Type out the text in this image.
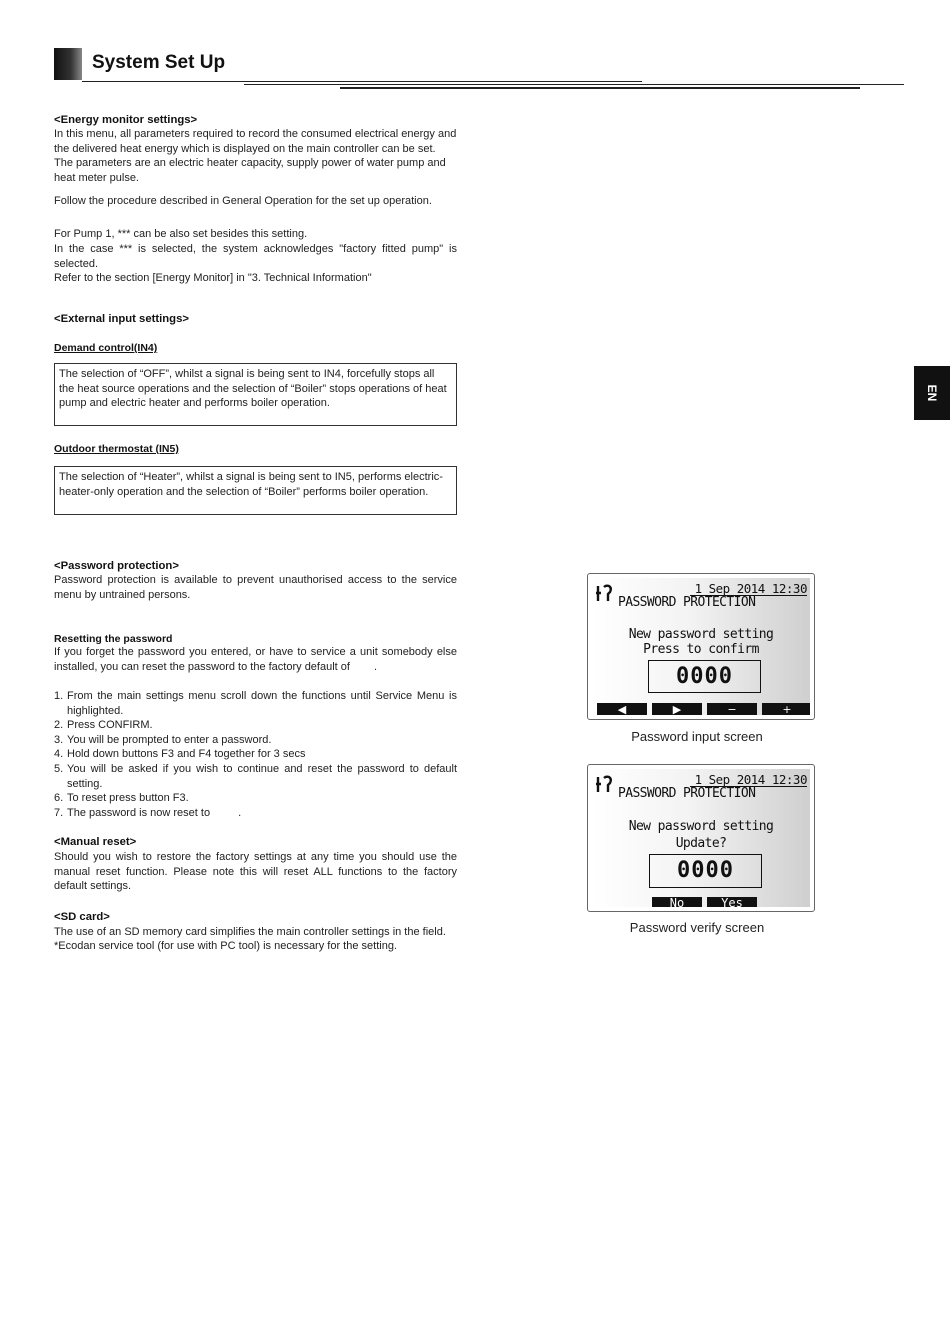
System Set Up
EN
<Energy monitor settings>

In this menu, all parameters required to record the consumed electrical energy and the delivered heat energy which is displayed on the main controller can be set. The parameters are an electric heater capacity, supply power of water pump and heat meter pulse.

Follow the procedure described in General Operation for the set up operation.
For Pump 1, *** can be also set besides this setting.
In the case *** is selected, the system acknowledges "factory fitted pump" is selected.
Refer to the section [Energy Monitor] in "3. Technical Information"
<External input settings>
Demand control(IN4)
The selection of “OFF”, whilst a signal is being sent to IN4, forcefully stops all the heat source operations and the selection of “Boiler” stops operations of heat pump and electric heater and performs boiler operation.
Outdoor thermostat (IN5)
The selection of “Heater”, whilst a signal is being sent to IN5, performs electric-heater-only operation and the selection of “Boiler” performs boiler operation.
<Password protection>
Password protection is available to prevent unauthorised access to the service menu by untrained persons.
Resetting the password
If you forget the password you entered, or have to service a unit somebody else installed, you can reset the password to the factory default of .
1. From the main settings menu scroll down the functions until Service Menu is highlighted.
2. Press CONFIRM.
3. You will be prompted to enter a password.
4. Hold down buttons F3 and F4 together for 3 secs
5. You will be asked if you wish to continue and reset the password to default setting.
6. To reset press button F3.
7. The password is now reset to	.
<Manual reset>
Should you wish to restore the factory settings at any time you should use the manual reset function. Please note this will reset ALL functions to the factory default settings.
<SD card>
The use of an SD memory card simplifies the main controller settings in the field.
*Ecodan service tool (for use with PC tool) is necessary for the setting.
1 Sep 2014 12:30
PASSWORD PROTECTION
New password setting
Press to confirm
0000
◀	▶	−	+
Password input screen
1 Sep 2014 12:30
PASSWORD PROTECTION
New password setting
Update?
0000
No	Yes
Password verify screen
